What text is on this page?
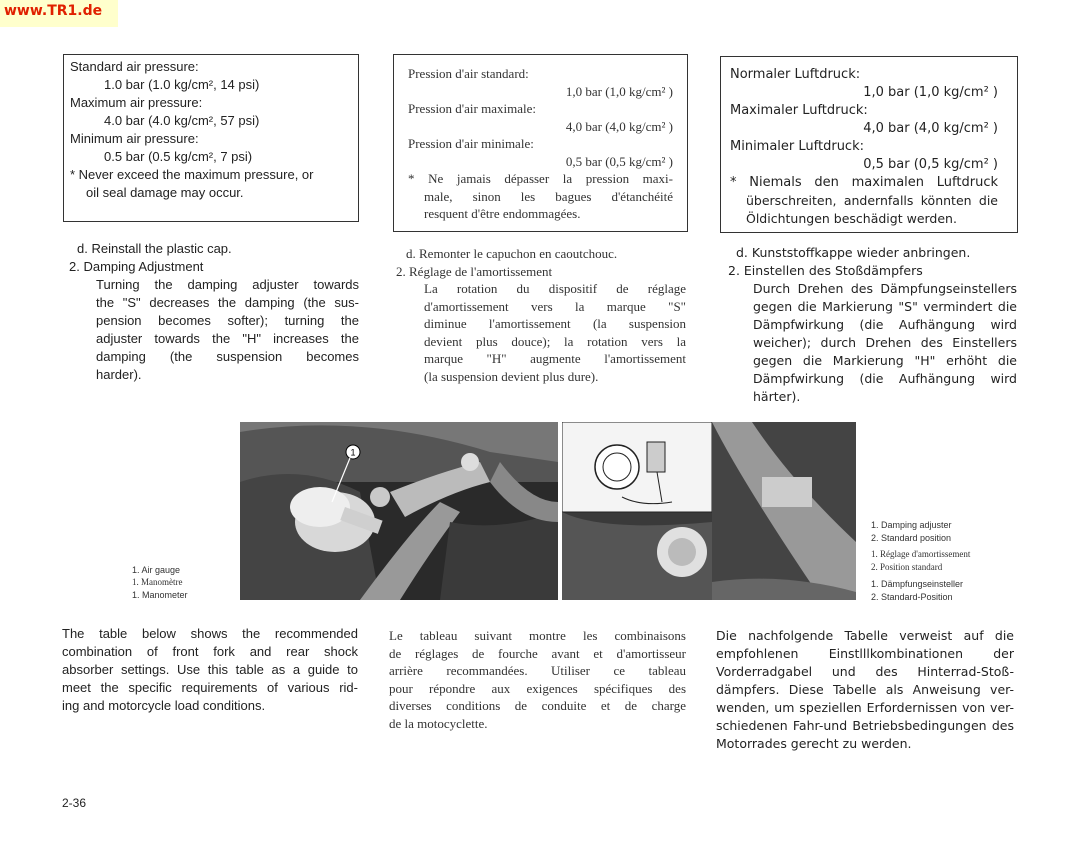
www.TR1.de
Standard air pressure:
1.0 bar (1.0 kg/cm², 14 psi)
Maximum air pressure:
4.0 bar (4.0 kg/cm², 57 psi)
Minimum air pressure:
0.5 bar (0.5 kg/cm², 7 psi)
* Never exceed the maximum pressure, or
oil seal damage may occur.
d. Reinstall the plastic cap.
2. Damping Adjustment
Turning the damping adjuster towards
the "S" decreases the damping (the sus-
pension becomes softer); turning the
adjuster towards the "H" increases the
damping (the suspension becomes
harder).
The table below shows the recommended
combination of front fork and rear shock
absorber settings. Use this table as a guide to
meet the specific requirements of various rid-
ing and motorcycle load conditions.
Pression d'air standard:
1,0 bar (1,0 kg/cm² )
Pression d'air maximale:
4,0 bar (4,0 kg/cm² )
Pression d'air minimale:
0,5 bar (0,5 kg/cm² )
* Ne jamais dépasser la pression maxi-
male, sinon les bagues d'étanchéité
resquent d'être endommagées.
d. Remonter le capuchon en caoutchouc.
2. Réglage de l'amortissement
La rotation du dispositif de réglage
d'amortissement vers la marque "S"
diminue l'amortissement (la suspension
devient plus douce); la rotation vers la
marque "H" augmente l'amortissement
(la suspension devient plus dure).
Le tableau suivant montre les combinaisons
de réglages de fourche avant et d'amortisseur
arrière recommandées. Utiliser ce tableau
pour répondre aux exigences spécifiques des
diverses conditions de conduite et de charge
de la motocyclette.
Normaler Luftdruck:
1,0 bar (1,0 kg/cm² )
Maximaler Luftdruck:
4,0 bar (4,0 kg/cm² )
Minimaler Luftdruck:
0,5 bar (0,5 kg/cm² )
* Niemals den maximalen Luftdruck
überschreiten, andernfalls könnten die
Öldichtungen beschädigt werden.
d. Kunststoffkappe wieder anbringen.
2. Einstellen des Stoßdämpfers
Durch Drehen des Dämpfungseinstellers
gegen die Markierung "S" vermindert die
Dämpfwirkung (die Aufhängung wird
weicher); durch Drehen des Einstellers
gegen die Markierung "H" erhöht die
Dämpfwirkung (die Aufhängung wird
härter).
Die nachfolgende Tabelle verweist auf die
empfohlenen Einstlllkombinationen der
Vorderradgabel und des Hinterrad-Stoß-
dämpfers. Diese Tabelle als Anweisung ver-
wenden, um speziellen Erfordernissen von ver-
schiedenen Fahr-und Betriebsbedingungen des
Motorrades gerecht zu werden.
1
1. Air gauge
1. Manomètre
1. Manometer
1. Damping adjuster
2. Standard position
1. Réglage d'amortissement
2. Position standard
1. Dämpfungseinsteller
2. Standard-Position
2-36
